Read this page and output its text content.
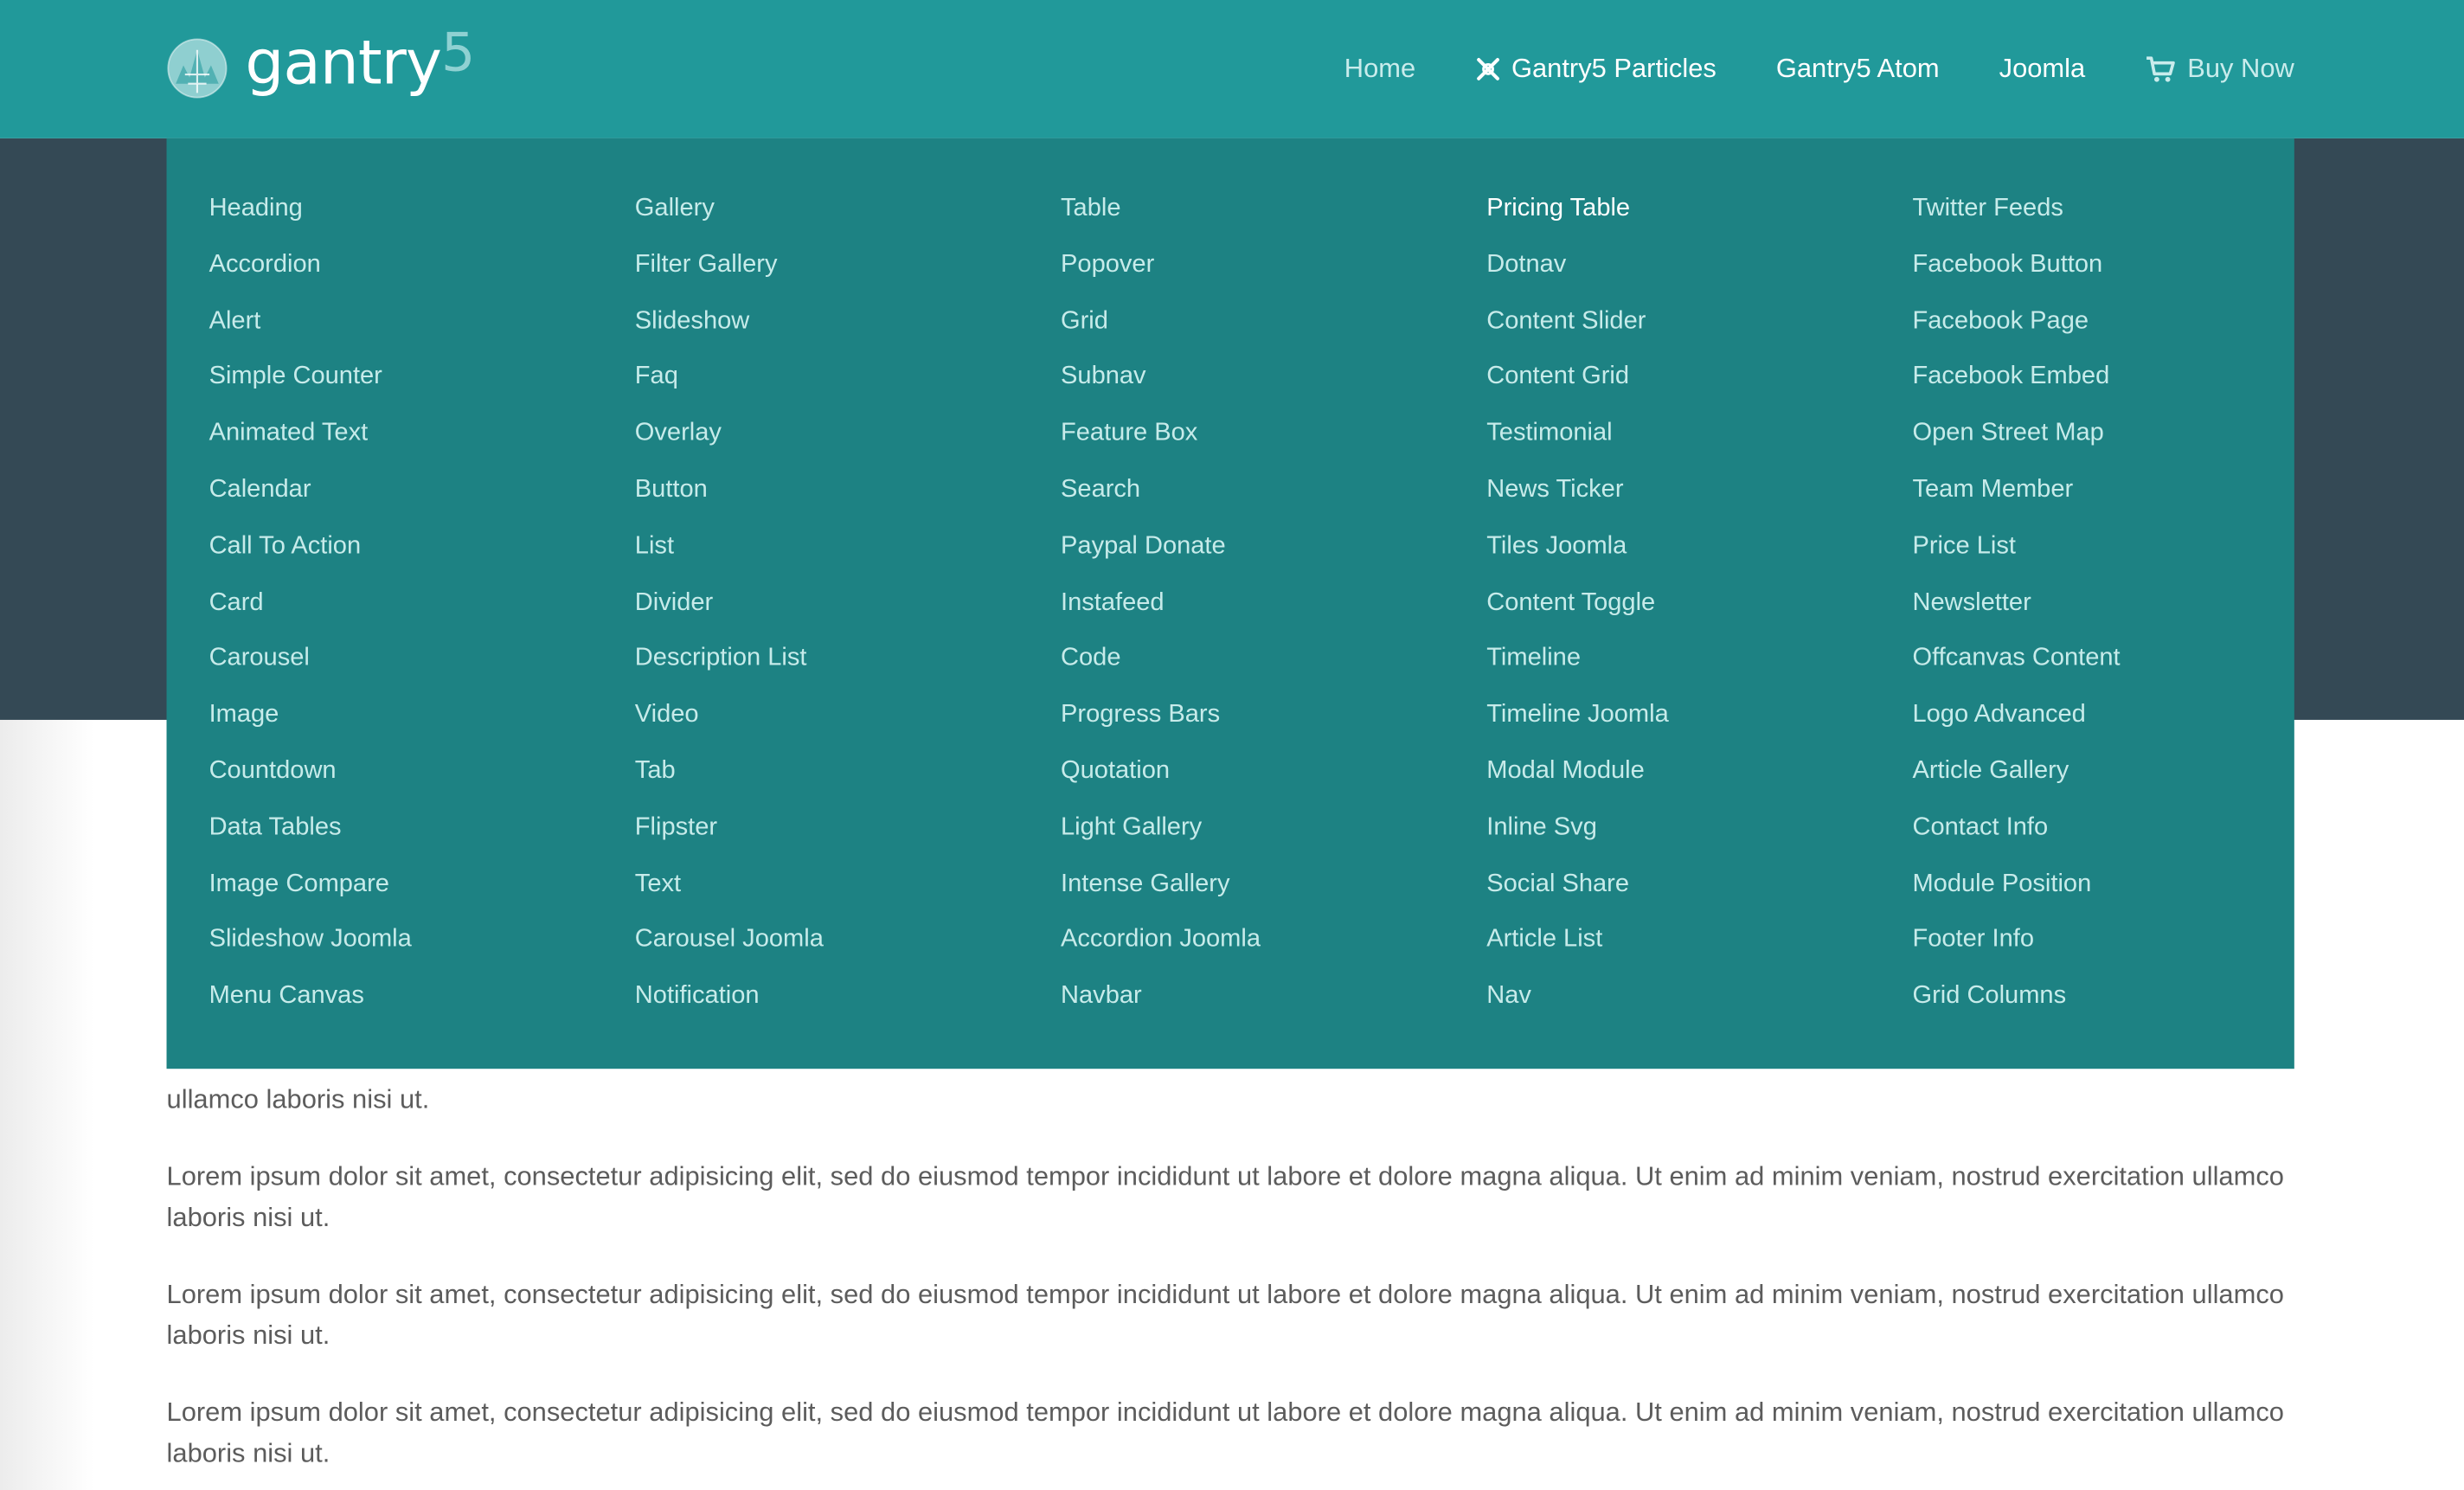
ullamco laboris nisi ut.

Lorem ipsum dolor sit amet, consectetur adipisicing elit, sed do eiusmod tempor incididunt ut labore et dolore magna aliqua. Ut enim ad minim veniam, nostrud exercitation ullamco laboris nisi ut.

Lorem ipsum dolor sit amet, consectetur adipisicing elit, sed do eiusmod tempor incididunt ut labore et dolore magna aliqua. Ut enim ad minim veniam, nostrud exercitation ullamco laboris nisi ut.

Lorem ipsum dolor sit amet, consectetur adipisicing elit, sed do eiusmod tempor incididunt ut labore et dolore magna aliqua. Ut enim ad minim veniam, nostrud exercitation ullamco laboris nisi ut.

gantry 5	Home	Gantry5 Particles	Gantry5 Atom	Joomla	Buy Now
Heading
Accordion
Alert
Simple Counter
Animated Text
Calendar
Call To Action
Card
Carousel
Image
Countdown
Data Tables
Image Compare
Slideshow Joomla
Menu Canvas
Gallery
Filter Gallery
Slideshow
Faq
Overlay
Button
List
Divider
Description List
Video
Tab
Flipster
Text
Carousel Joomla
Notification
Table
Popover
Grid
Subnav
Feature Box
Search
Paypal Donate
Instafeed
Code
Progress Bars
Quotation
Light Gallery
Intense Gallery
Accordion Joomla
Navbar
Pricing Table
Dotnav
Content Slider
Content Grid
Testimonial
News Ticker
Tiles Joomla
Content Toggle
Timeline
Timeline Joomla
Modal Module
Inline Svg
Social Share
Article List
Nav
Twitter Feeds
Facebook Button
Facebook Page
Facebook Embed
Open Street Map
Team Member
Price List
Newsletter
Offcanvas Content
Logo Advanced
Article Gallery
Contact Info
Module Position
Footer Info
Grid Columns
